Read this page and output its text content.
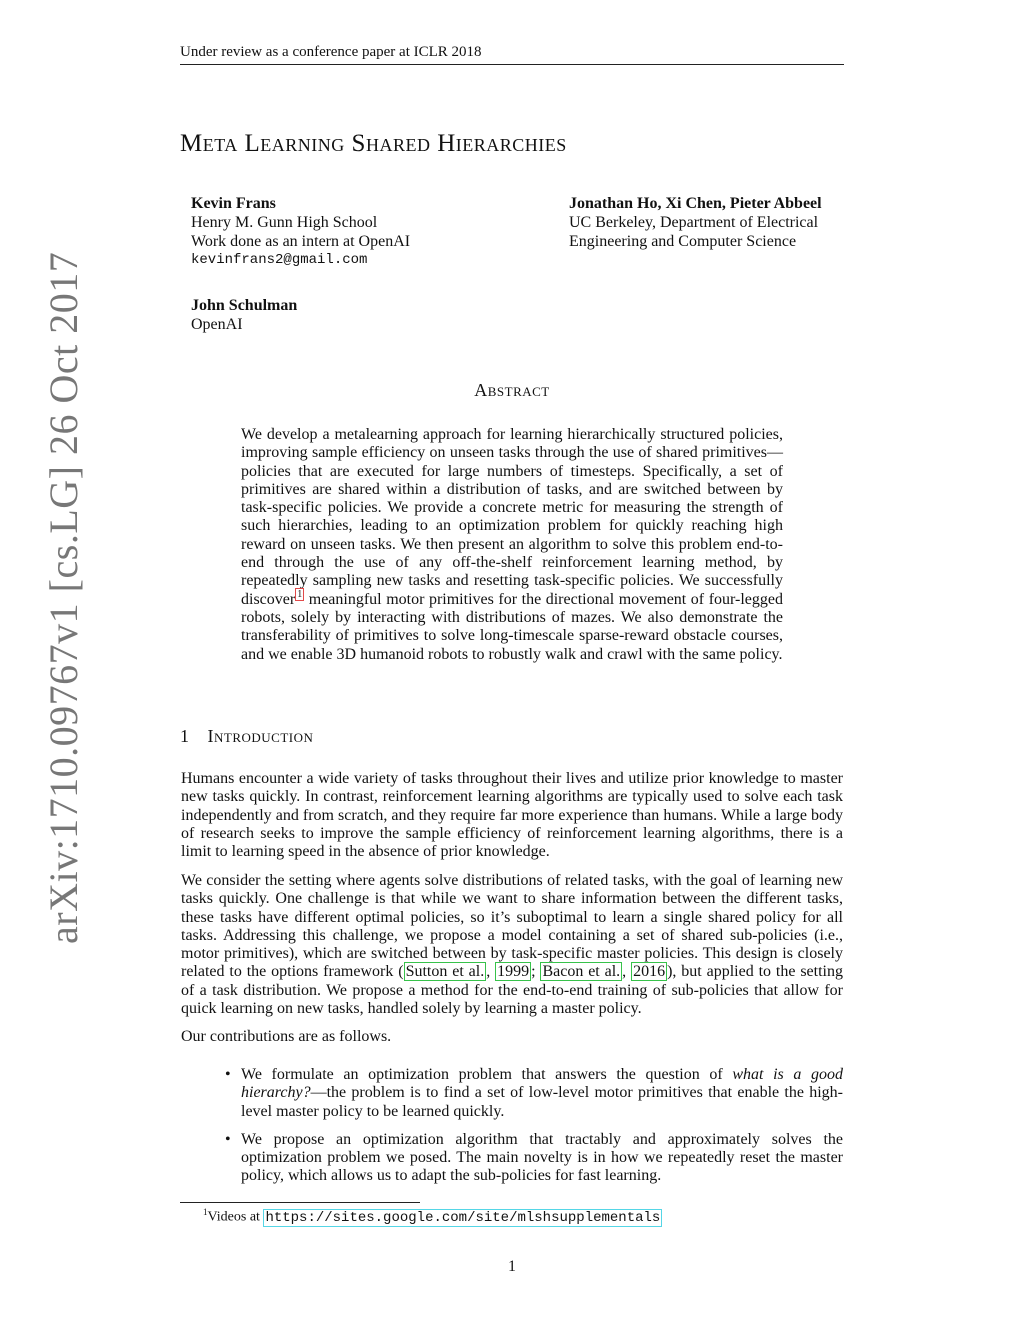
Under review as a conference paper at ICLR 2018
Meta Learning Shared Hierarchies
Kevin Frans
Henry M. Gunn High School
Work done as an intern at OpenAI
kevinfrans2@gmail.com
Jonathan Ho, Xi Chen, Pieter Abbeel
UC Berkeley, Department of Electrical
Engineering and Computer Science
John Schulman
OpenAI
Abstract
We develop a metalearning approach for learning hierarchically structured policies, improving sample efficiency on unseen tasks through the use of shared primitives—policies that are executed for large numbers of timesteps. Specifically, a set of primitives are shared within a distribution of tasks, and are switched between by task-specific policies. We provide a concrete metric for measuring the strength of such hierarchies, leading to an optimization problem for quickly reaching high reward on unseen tasks. We then present an algorithm to solve this problem end-to-end through the use of any off-the-shelf reinforcement learning method, by repeatedly sampling new tasks and resetting task-specific policies. We successfully discover $^1$ meaningful motor primitives for the directional movement of four-legged robots, solely by interacting with distributions of mazes. We also demonstrate the transferability of primitives to solve long-timescale sparse-reward obstacle courses, and we enable 3D humanoid robots to robustly walk and crawl with the same policy.
1 Introduction
Humans encounter a wide variety of tasks throughout their lives and utilize prior knowledge to master new tasks quickly. In contrast, reinforcement learning algorithms are typically used to solve each task independently and from scratch, and they require far more experience than humans. While a large body of research seeks to improve the sample efficiency of reinforcement learning algorithms, there is a limit to learning speed in the absence of prior knowledge.
We consider the setting where agents solve distributions of related tasks, with the goal of learning new tasks quickly. One challenge is that while we want to share information between the different tasks, these tasks have different optimal policies, so it’s suboptimal to learn a single shared policy for all tasks. Addressing this challenge, we propose a model containing a set of shared sub-policies (i.e., motor primitives), which are switched between by task-specific master policies. This design is closely related to the options framework ( Sutton et al. , 1999 ; Bacon et al. , 2016 ), but applied to the setting of a task distribution. We propose a method for the end-to-end training of sub-policies that allow for quick learning on new tasks, handled solely by learning a master policy.
Our contributions are as follows.
• We formulate an optimization problem that answers the question of what is a good hierarchy?—the problem is to find a set of low-level motor primitives that enable the high-level master policy to be learned quickly.
• We propose an optimization algorithm that tractably and approximately solves the optimization problem we posed. The main novelty is in how we repeatedly reset the master policy, which allows us to adapt the sub-policies for fast learning.
$^1$Videos at https://sites.google.com/site/mlshsupplementals
1
arXiv:1710.09767v1 [cs.LG] 26 Oct 2017
